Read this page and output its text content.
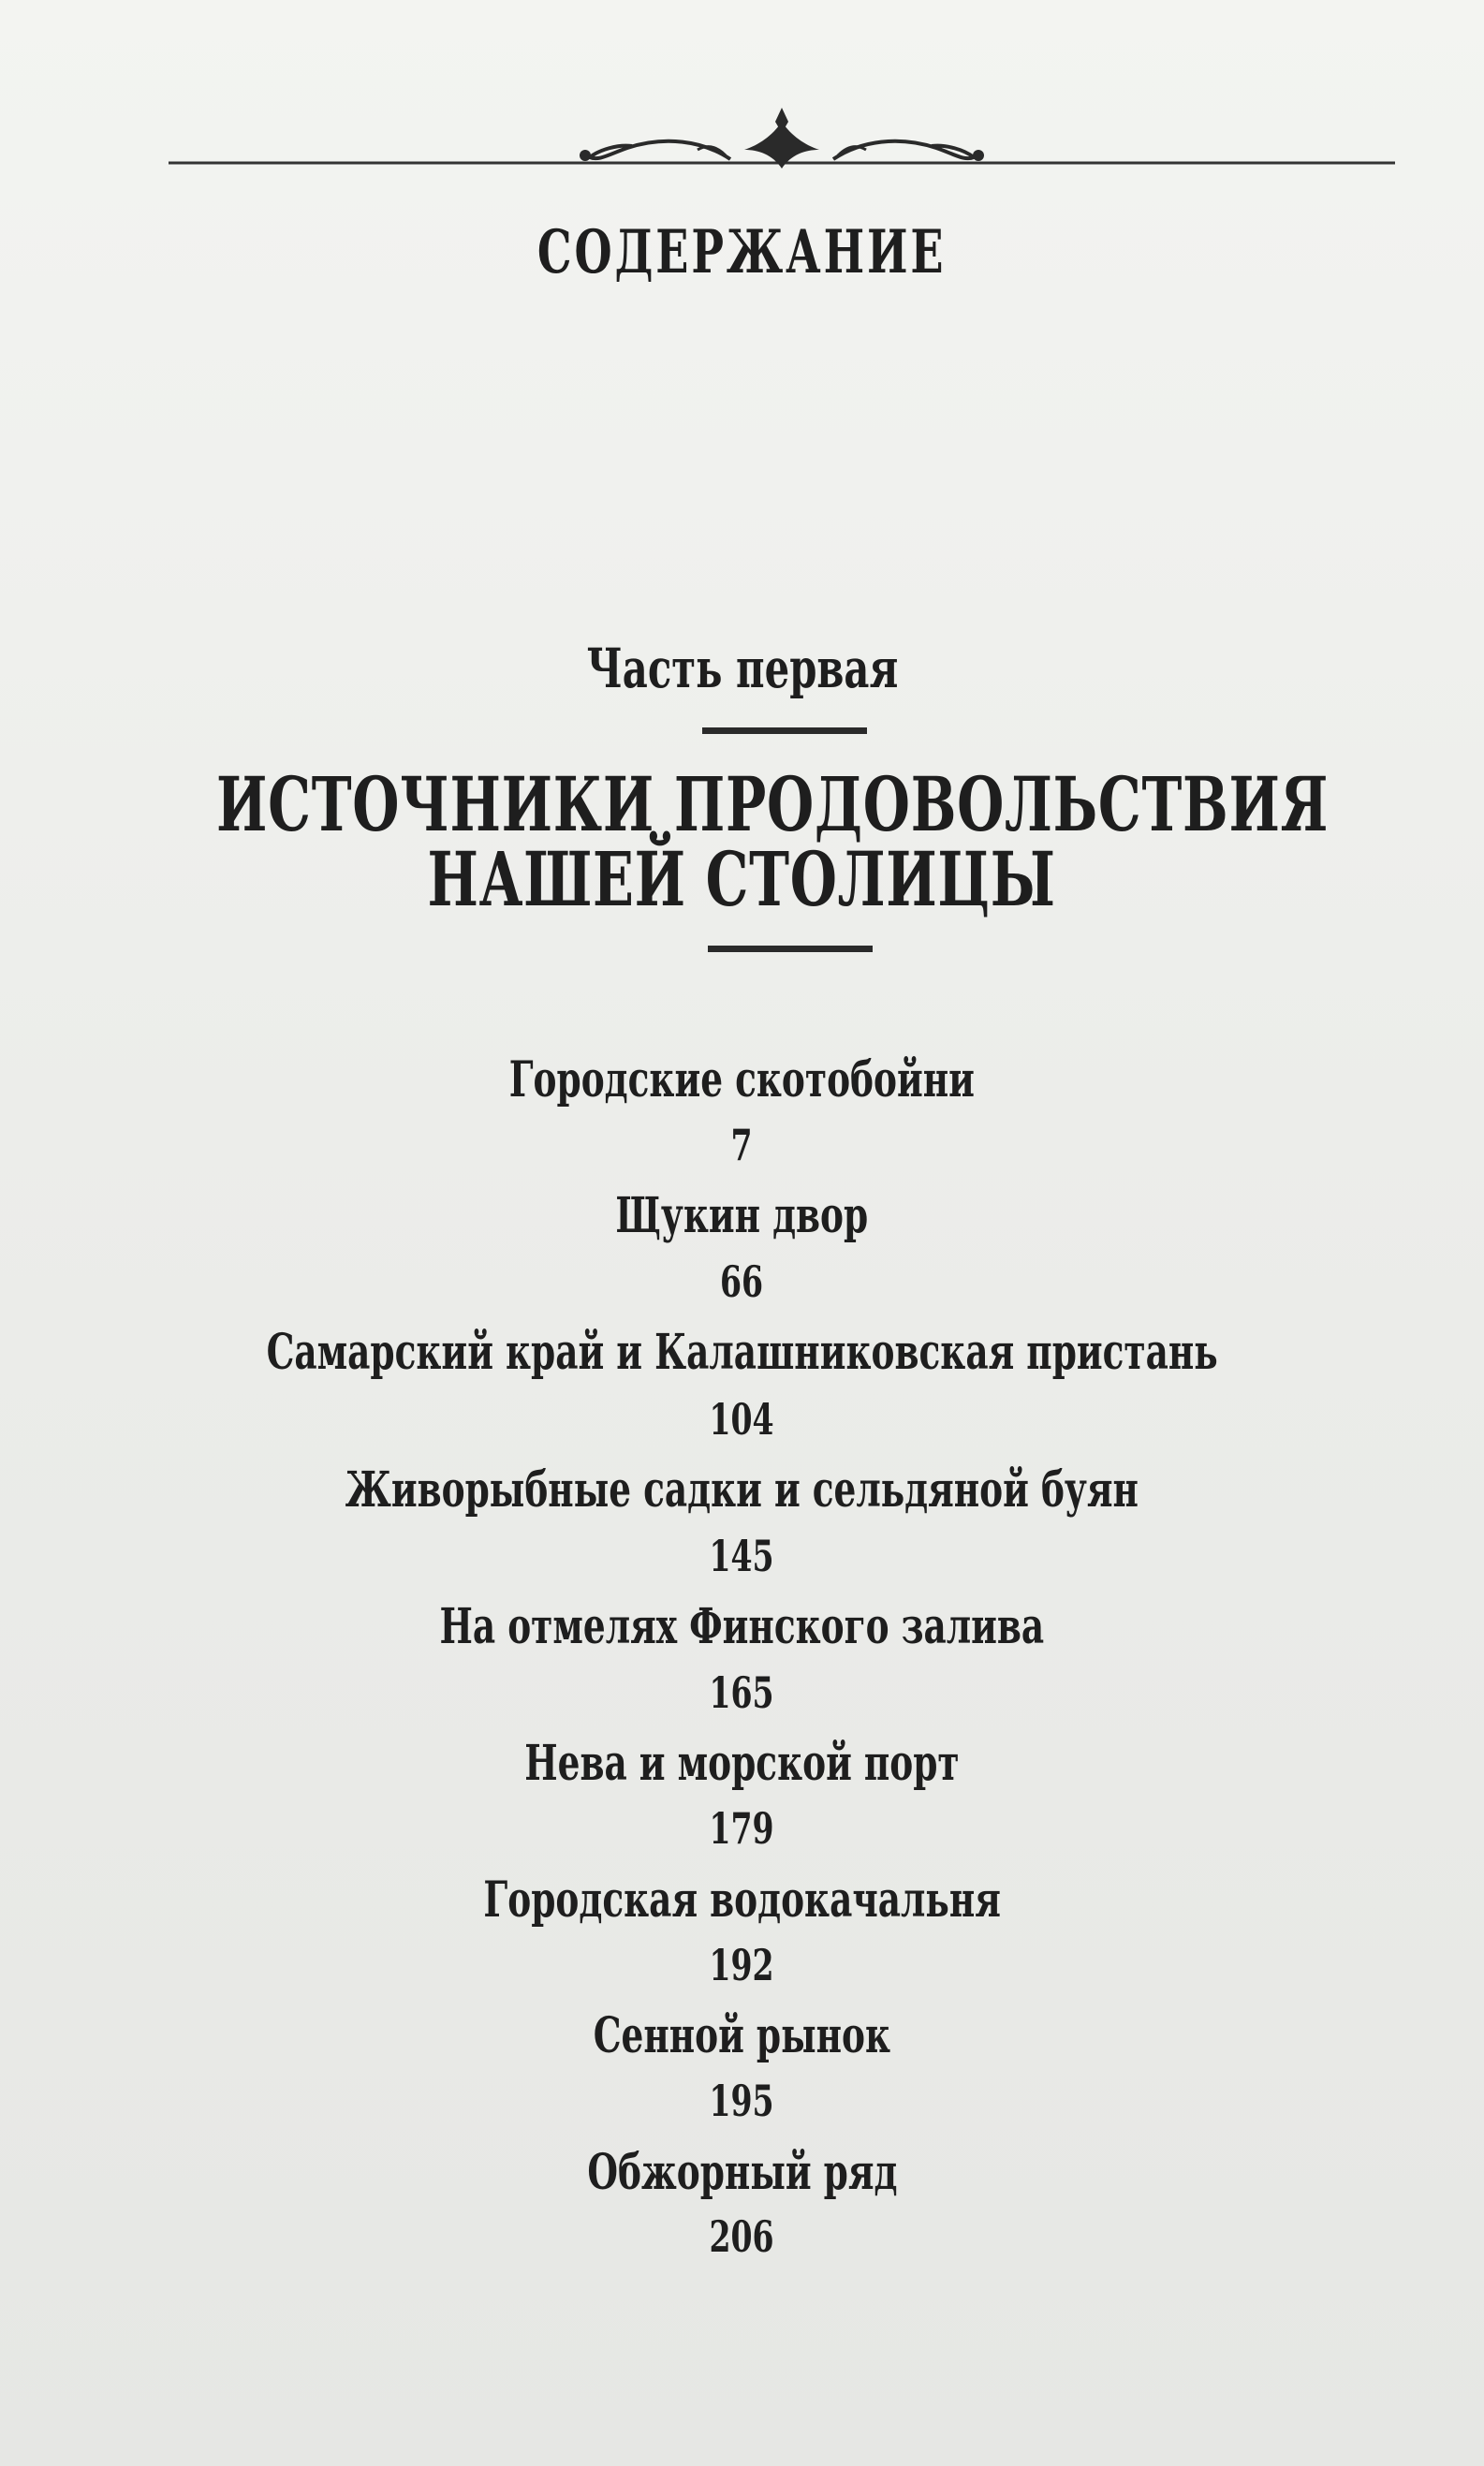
СОДЕРЖАНИЕ
Часть первая
ИСТОЧНИКИ ПРОДОВОЛЬСТВИЯ
НАШЕЙ СТОЛИЦЫ
Городские скотобойни
7
Щукин двор
66
Самарский край и Калашниковская пристань
104
Живорыбные садки и сельдяной буян
145
На отмелях Финского залива
165
Нева и морской порт
179
Городская водокачальня
192
Сенной рынок
195
Обжорный ряд
206
